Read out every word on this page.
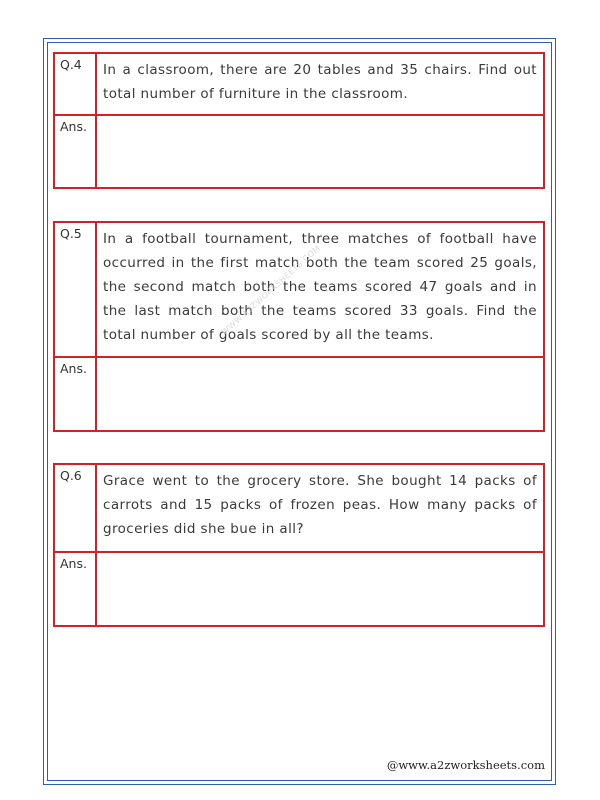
Q.4	In a classroom, there are 20 tables and 35 chairs. Find out total number of furniture in the classroom.
Ans.
Q.5	In a football tournament, three matches of football have occurred in the first match both the team scored 25 goals, the second match both the teams scored 47 goals and in the last match both the teams scored 33 goals. Find the total number of goals scored by all the teams.
Ans.
Q.6	Grace went to the grocery store. She bought 14 packs of carrots and 15 packs of frozen peas. How many packs of groceries did she bue in all?
Ans.
WWW.A2ZWORKSHEETS.COM
@www.a2zworksheets.com
